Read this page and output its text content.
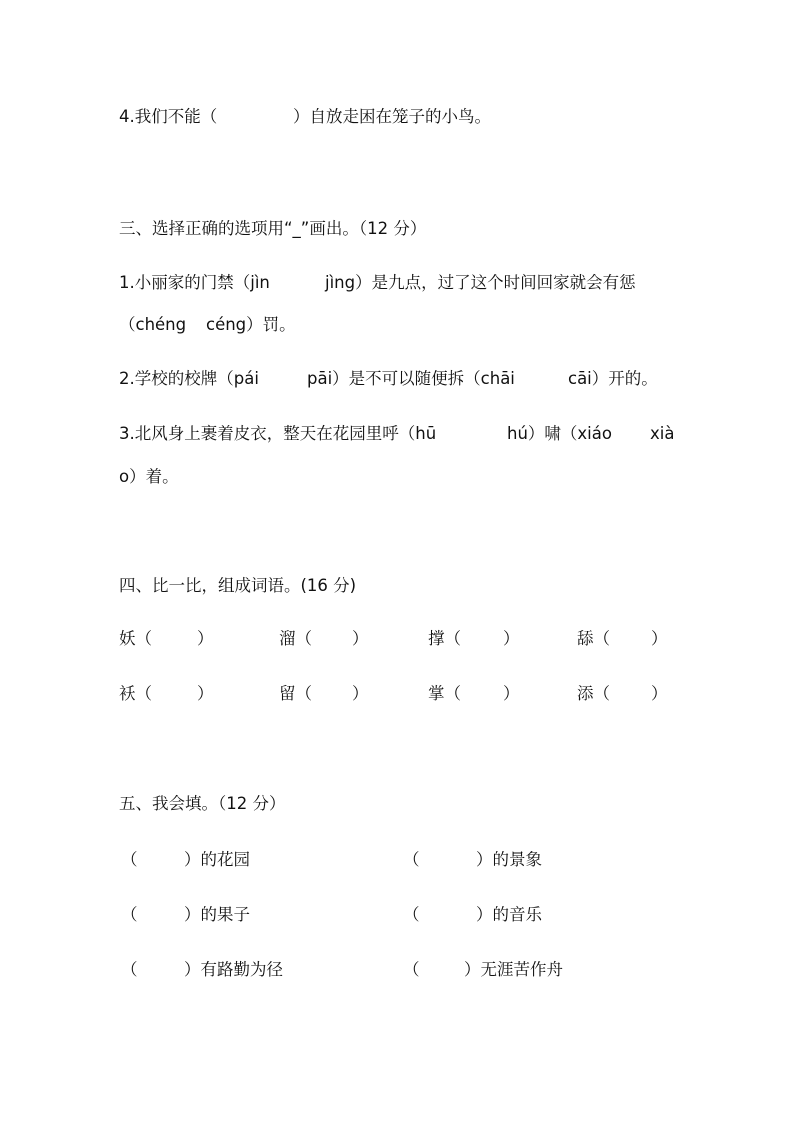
4.我们不能（	）自放走困在笼子的小鸟。
三、选择正确的选项用“_”画出。（12 分）
1.小丽家的门禁（jìn	jìng）是九点，过了这个时间回家就会有惩
（chéng céng）罚。
2.学校的校牌（pái	pāi）是不可以随便拆（chāi	cāi）开的。
3.北风身上裹着皮衣，整天在花园里呼（hū	hú）啸（xiáo xià
o）着。
四、比一比，组成词语。(16 分)
妖（	）	溜（ ）	撑（	）	舔（ ）
袄（	）	留（ ）	掌（	）	添（ ）
五、我会填。（12 分）
（	）的花园	（	）的景象
（	）的果子	（	）的音乐
（	）有路勤为径	（	）无涯苦作舟
